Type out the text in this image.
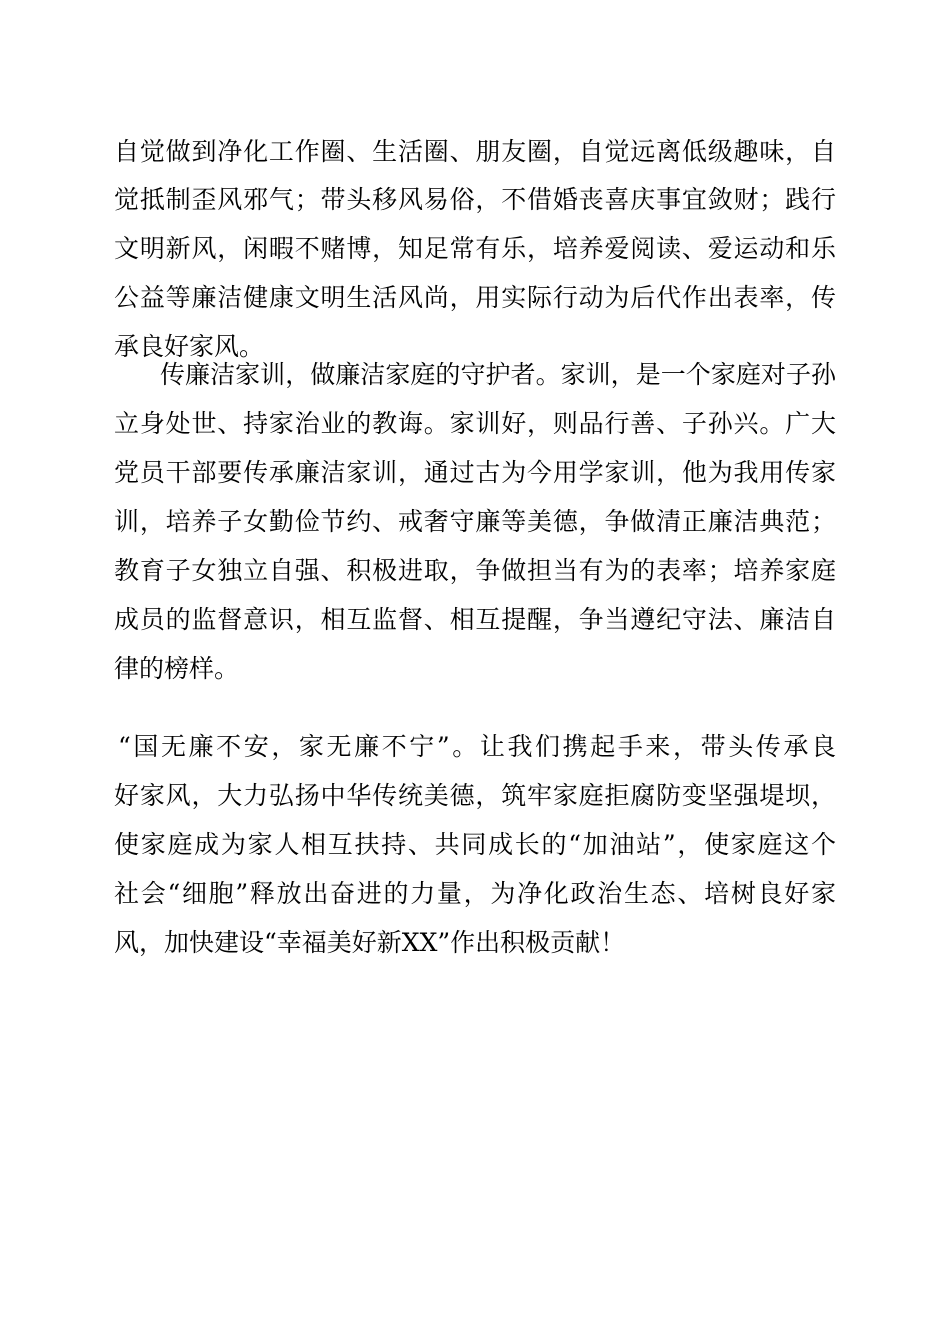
自觉做到净化工作圈、生活圈、朋友圈，自觉远离低级趣味，自
觉抵制歪风邪气；带头移风易俗，不借婚丧喜庆事宜敛财；践行
文明新风，闲暇不赌博，知足常有乐，培养爱阅读、爱运动和乐
公益等廉洁健康文明生活风尚，用实际行动为后代作出表率，传
承良好家风。
传廉洁家训，做廉洁家庭的守护者。家训，是一个家庭对子孙
立身处世、持家治业的教诲。家训好，则品行善、子孙兴。广大
党员干部要传承廉洁家训，通过古为今用学家训，他为我用传家
训，培养子女勤俭节约、戒奢守廉等美德，争做清正廉洁典范；
教育子女独立自强、积极进取，争做担当有为的表率；培养家庭
成员的监督意识，相互监督、相互提醒，争当遵纪守法、廉洁自
律的榜样。
“国无廉不安，家无廉不宁”。让我们携起手来，带头传承良
好家风，大力弘扬中华传统美德，筑牢家庭拒腐防变坚强堤坝，
使家庭成为家人相互扶持、共同成长的“加油站”，使家庭这个
社会“细胞”释放出奋进的力量，为净化政治生态、培树良好家
风，加快建设“幸福美好新XX”作出积极贡献！
